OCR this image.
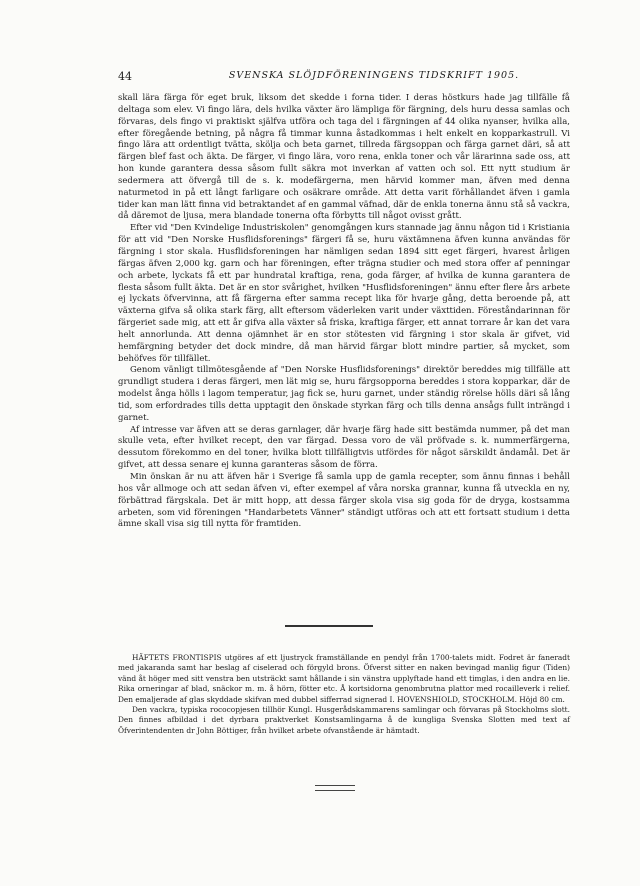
44	SVENSKA SLÖJDFÖRENINGENS TIDSKRIFT 1905.

skall lära färga för eget bruk, liksom det skedde i forna tider. I deras höstkurs hade jag tillfälle få deltaga som elev. Vi fingo lära, dels hvilka växter äro lämpliga för färgning, dels huru dessa samlas och förvaras, dels fingo vi praktiskt själfva utföra och taga del i färgningen af 44 olika nyanser, hvilka alla, efter föregående betning, på några få timmar kunna åstadkommas i helt enkelt en kopparkastrull. Vi fingo lära att ordentligt tvätta, skölja och beta garnet, tillreda färgsoppan och färga garnet däri, så att färgen blef fast och äkta. De färger, vi fingo lära, voro rena, enkla toner och vår lärarinna sade oss, att hon kunde garantera dessa såsom fullt säkra mot inverkan af vatten och sol. Ett nytt studium är sedermera att öfvergå till de s. k. modefärgerna, men härvid kommer man, äfven med denna naturmetod in på ett långt farligare och osäkrare område. Att detta varit förhållandet äfven i gamla tider kan man lätt finna vid betraktandet af en gammal väfnad, där de enkla tonerna ännu stå så vackra, då däremot de ljusa, mera blandade tonerna ofta förbytts till något ovisst grått.

Efter vid "Den Kvindelige Industriskolen" genomgången kurs stannade jag ännu någon tid i Kristiania för att vid "Den Norske Husflidsforenings" färgeri få se, huru växtämnena äfven kunna användas för färgning i stor skala. Husflidsforeningen har nämligen sedan 1894 sitt eget färgeri, hvarest årligen färgas äfven 2,000 kg. garn och har föreningen, efter trägna studier och med stora offer af penningar och arbete, lyckats få ett par hundratal kraftiga, rena, goda färger, af hvilka de kunna garantera de flesta såsom fullt äkta. Det är en stor svårighet, hvilken "Husflidsforeningen" ännu efter flere års arbete ej lyckats öfvervinna, att få färgerna efter samma recept lika för hvarje gång, detta beroende på, att växterna gifva så olika stark färg, allt eftersom väderleken varit under växttiden. Föreståndarinnan för färgeriet sade mig, att ett år gifva alla växter så friska, kraftiga färger, ett annat torrare år kan det vara helt annorlunda. Att denna ojämnhet är en stor stötesten vid färgning i stor skala är gifvet, vid hemfärgning betyder det dock mindre, då man härvid färgar blott mindre partier, så mycket, som behöfves för tillfället.

Genom vänligt tillmötesgående af "Den Norske Husflidsforenings" direktör bereddes mig tillfälle att grundligt studera i deras färgeri, men lät mig se, huru färgsopporna bereddes i stora kopparkar, där de modelst ånga hölls i lagom temperatur, jag fick se, huru garnet, under ständig rörelse hölls däri så lång tid, som erfordrades tills detta upptagit den önskade styrkan färg och tills denna ansågs fullt inträngd i garnet.

Af intresse var äfven att se deras garnlager, där hvarje färg hade sitt bestämda nummer, på det man skulle veta, efter hvilket recept, den var färgad. Dessa voro de väl pröfvade s. k. nummerfärgerna, dessutom förekommo en del toner, hvilka blott tillfälligtvis utfördes för något särskildt ändamål. Det är gifvet, att dessa senare ej kunna garanteras såsom de förra.

Min önskan är nu att äfven här i Sverige få samla upp de gamla recepter, som ännu finnas i behåll hos vår allmoge och att sedan äfven vi, efter exempel af våra norska grannar, kunna få utveckla en ny, förbättrad färgskala. Det är mitt hopp, att dessa färger skola visa sig goda för de dryga, kostsamma arbeten, som vid föreningen "Handarbetets Vänner" ständigt utföras och att ett fortsatt studium i detta ämne skall visa sig till nytta för framtiden.

HÄFTETS FRONTISPIS utgöres af ett ljustryck framställande en pendyl från 1700-talets midt. Fodret är faneradt med jakaranda samt har beslag af ciselerad och förgyld brons. Öfverst sitter en naken bevingad manlig figur (Tiden) vänd åt höger med sitt venstra ben utsträckt samt hållande i sin vänstra upplyftade hand ett timglas, i den andra en lie. Rika orneringar af blad, snäckor m. m. å hörn, fötter etc. Å kortsidorna genombrutna plattor med rocailleverk i relief. Den emaljerade af glas skyddade skifvan med dubbel sifferrad signerad I. HOVENSHIOLD, STOCKHOLM. Höjd 80 cm.

Den vackra, typiska rococopjesen tillhör Kungl. Husgerådskammarens samlingar och förvaras på Stockholms slott. Den finnes afbildad i det dyrbara praktverket Konstsamlingarna å de kungliga Svenska Slotten med text af Öfverintendenten dr John Böttiger, från hvilket arbete ofvanstående är hämtadt.
